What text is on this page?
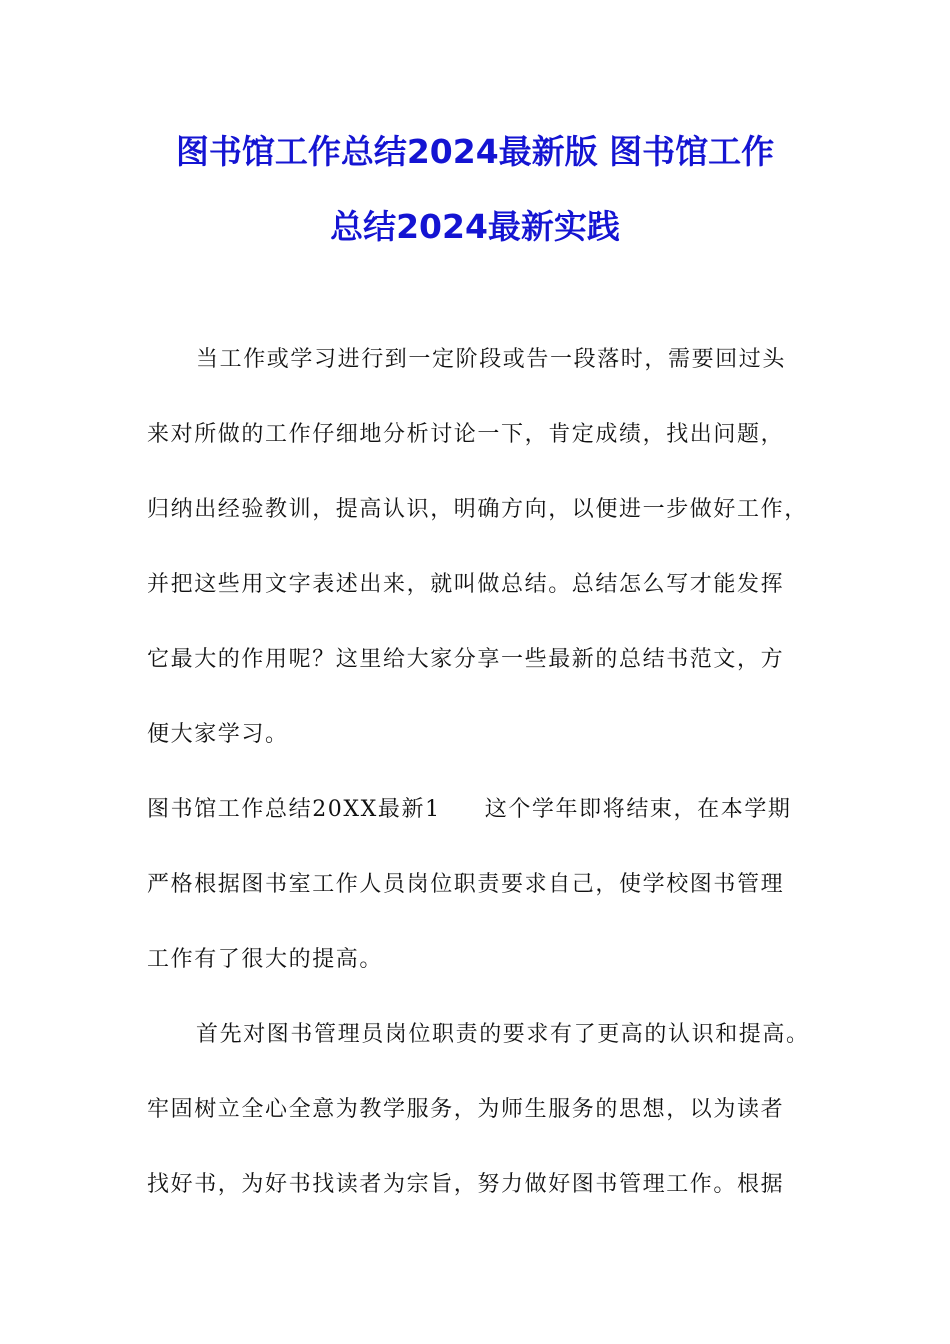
图书馆工作总结2024最新版 图书馆工作
总结2024最新实践

当工作或学习进行到一定阶段或告一段落时，需要回过头

来对所做的工作仔细地分析讨论一下，肯定成绩，找出问题，

归纳出经验教训，提高认识，明确方向，以便进一步做好工作，

并把这些用文字表述出来，就叫做总结。总结怎么写才能发挥

它最大的作用呢？这里给大家分享一些最新的总结书范文，方

便大家学习。

图书馆工作总结20XX最新1 这个学年即将结束，在本学期

严格根据图书室工作人员岗位职责要求自己，使学校图书管理

工作有了很大的提高。

首先对图书管理员岗位职责的要求有了更高的认识和提高。

牢固树立全心全意为教学服务，为师生服务的思想，以为读者

找好书，为好书找读者为宗旨，努力做好图书管理工作。根据
